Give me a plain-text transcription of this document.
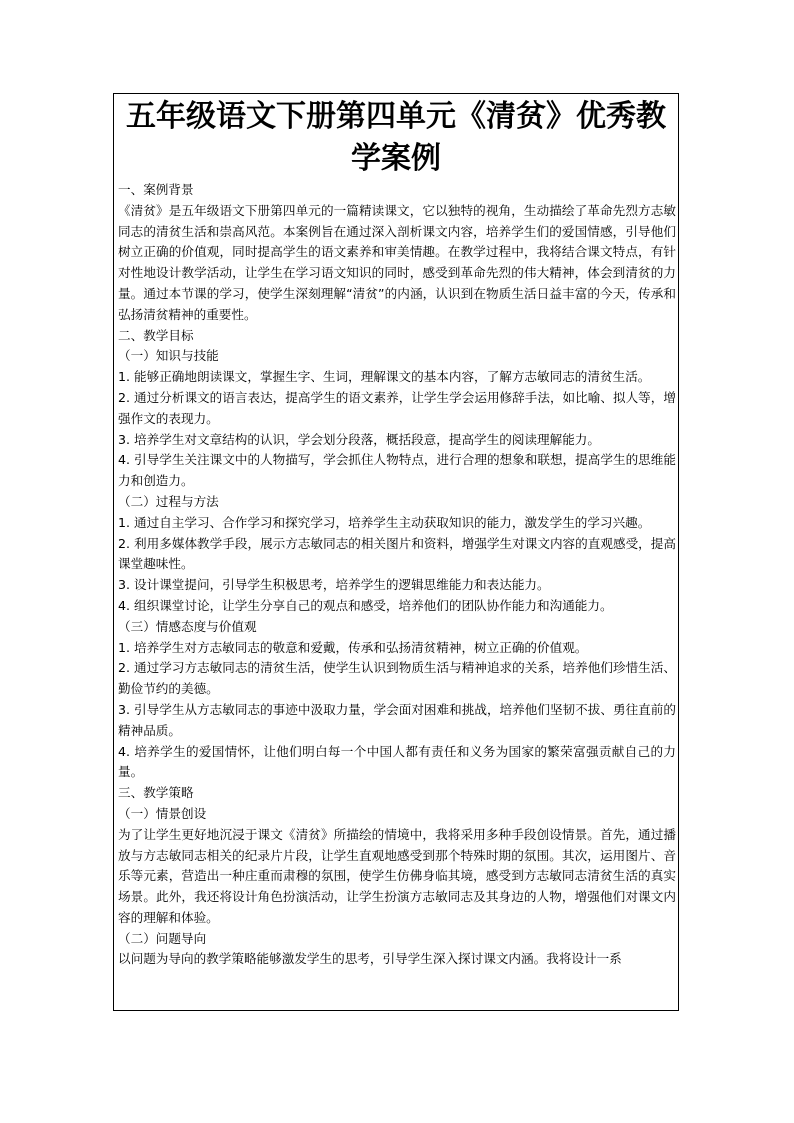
五年级语文下册第四单元《清贫》优秀教学案例

一、案例背景

《清贫》是五年级语文下册第四单元的一篇精读课文，它以独特的视角，生动描绘了革命先烈方志敏同志的清贫生活和崇高风范。本案例旨在通过深入剖析课文内容，培养学生们的爱国情感，引导他们树立正确的价值观，同时提高学生的语文素养和审美情趣。在教学过程中，我将结合课文特点，有针对性地设计教学活动，让学生在学习语文知识的同时，感受到革命先烈的伟大精神，体会到清贫的力量。通过本节课的学习，使学生深刻理解“清贫”的内涵，认识到在物质生活日益丰富的今天，传承和弘扬清贫精神的重要性。

二、教学目标

（一）知识与技能

1. 能够正确地朗读课文，掌握生字、生词，理解课文的基本内容，了解方志敏同志的清贫生活。

2. 通过分析课文的语言表达，提高学生的语文素养，让学生学会运用修辞手法，如比喻、拟人等，增强作文的表现力。

3. 培养学生对文章结构的认识，学会划分段落，概括段意，提高学生的阅读理解能力。

4. 引导学生关注课文中的人物描写，学会抓住人物特点，进行合理的想象和联想，提高学生的思维能力和创造力。

（二）过程与方法

1. 通过自主学习、合作学习和探究学习，培养学生主动获取知识的能力，激发学生的学习兴趣。

2. 利用多媒体教学手段，展示方志敏同志的相关图片和资料，增强学生对课文内容的直观感受，提高课堂趣味性。

3. 设计课堂提问，引导学生积极思考，培养学生的逻辑思维能力和表达能力。

4. 组织课堂讨论，让学生分享自己的观点和感受，培养他们的团队协作能力和沟通能力。

（三）情感态度与价值观

1. 培养学生对方志敏同志的敬意和爱戴，传承和弘扬清贫精神，树立正确的价值观。

2. 通过学习方志敏同志的清贫生活，使学生认识到物质生活与精神追求的关系，培养他们珍惜生活、勤俭节约的美德。

3. 引导学生从方志敏同志的事迹中汲取力量，学会面对困难和挑战，培养他们坚韧不拔、勇往直前的精神品质。

4. 培养学生的爱国情怀，让他们明白每一个中国人都有责任和义务为国家的繁荣富强贡献自己的力量。

三、教学策略

（一）情景创设

为了让学生更好地沉浸于课文《清贫》所描绘的情境中，我将采用多种手段创设情景。首先，通过播放与方志敏同志相关的纪录片片段，让学生直观地感受到那个特殊时期的氛围。其次，运用图片、音乐等元素，营造出一种庄重而肃穆的氛围，使学生仿佛身临其境，感受到方志敏同志清贫生活的真实场景。此外，我还将设计角色扮演活动，让学生扮演方志敏同志及其身边的人物，增强他们对课文内容的理解和体验。

（二）问题导向

以问题为导向的教学策略能够激发学生的思考，引导学生深入探讨课文内涵。我将设计一系
